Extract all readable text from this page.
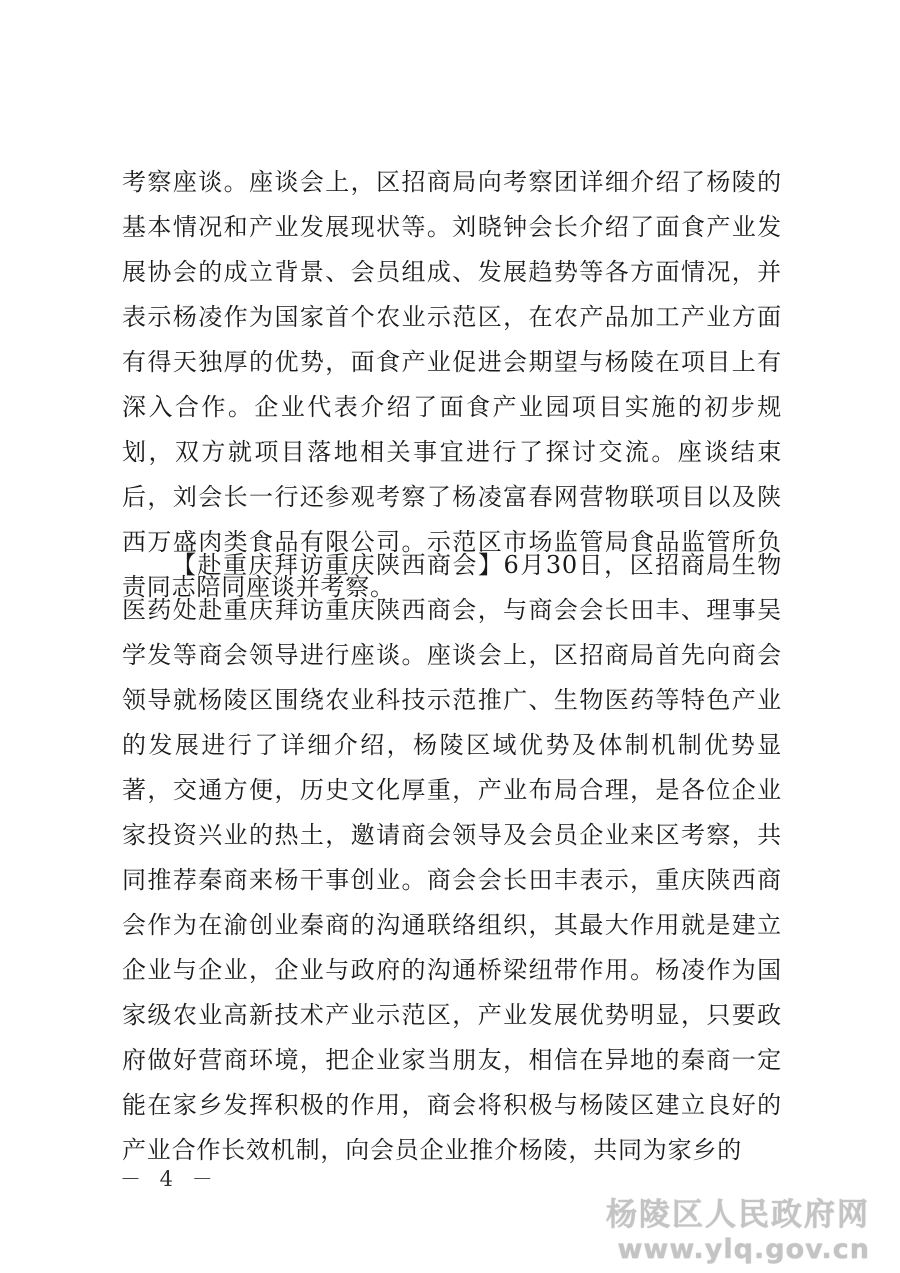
考察座谈。座谈会上，区招商局向考察团详细介绍了杨陵的基本情况和产业发展现状等。刘晓钟会长介绍了面食产业发展协会的成立背景、会员组成、发展趋势等各方面情况，并表示杨凌作为国家首个农业示范区，在农产品加工产业方面有得天独厚的优势，面食产业促进会期望与杨陵在项目上有深入合作。企业代表介绍了面食产业园项目实施的初步规划，双方就项目落地相关事宜进行了探讨交流。座谈结束后，刘会长一行还参观考察了杨凌富春网营物联项目以及陕西万盛肉类食品有限公司。示范区市场监管局食品监管所负责同志陪同座谈并考察。

【赴重庆拜访重庆陕西商会】6月30日，区招商局生物医药处赴重庆拜访重庆陕西商会，与商会会长田丰、理事吴学发等商会领导进行座谈。座谈会上，区招商局首先向商会领导就杨陵区围绕农业科技示范推广、生物医药等特色产业的发展进行了详细介绍，杨陵区域优势及体制机制优势显著，交通方便，历史文化厚重，产业布局合理，是各位企业家投资兴业的热土，邀请商会领导及会员企业来区考察，共同推荐秦商来杨干事创业。商会会长田丰表示，重庆陕西商会作为在渝创业秦商的沟通联络组织，其最大作用就是建立企业与企业，企业与政府的沟通桥梁纽带作用。杨凌作为国家级农业高新技术产业示范区，产业发展优势明显，只要政府做好营商环境，把企业家当朋友，相信在异地的秦商一定能在家乡发挥积极的作用，商会将积极与杨陵区建立良好的产业合作长效机制，向会员企业推介杨陵，共同为家乡的

－ 4 －
杨陵区人民政府网
www.ylq.gov.cn
